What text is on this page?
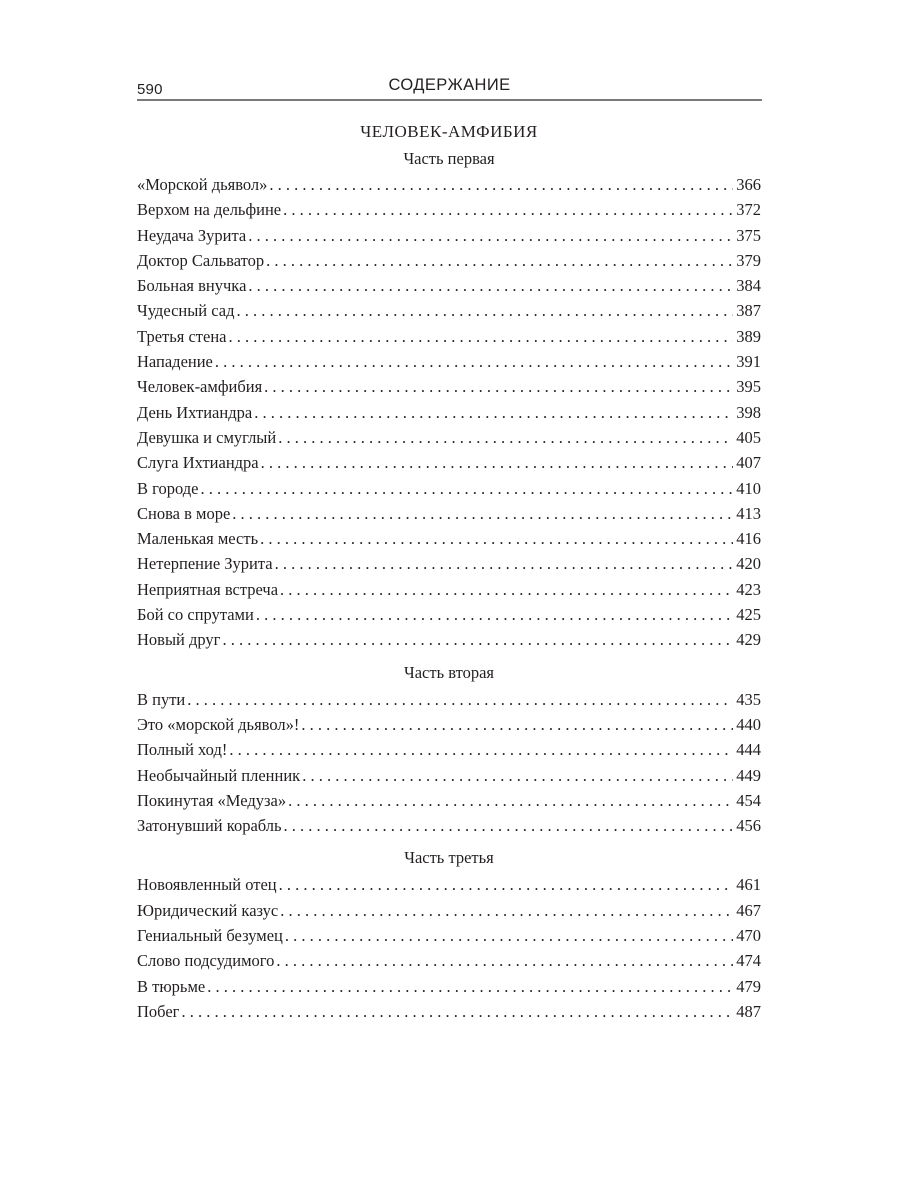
590	СОДЕРЖАНИЕ
ЧЕЛОВЕК-АМФИБИЯ
Часть первая
«Морской дьявол» . . .	366
Верхом на дельфине . . .	372
Неудача Зурита . . .	375
Доктор Сальватор . . .	379
Больная внучка . . .	384
Чудесный сад . . .	387
Третья стена . . .	389
Нападение . . .	391
Человек-амфибия . . .	395
День Ихтиандра . . .	398
Девушка и смуглый . . .	405
Слуга Ихтиандра . . .	407
В городе . . .	410
Снова в море . . .	413
Маленькая месть . . .	416
Нетерпение Зурита . . .	420
Неприятная встреча . . .	423
Бой со спрутами . . .	425
Новый друг . . .	429
Часть вторая
В пути . . .	435
Это «морской дьявол»! . . .	440
Полный ход! . . .	444
Необычайный пленник . . .	449
Покинутая «Медуза» . . .	454
Затонувший корабль . . .	456
Часть третья
Новоявленный отец . . .	461
Юридический казус . . .	467
Гениальный безумец . . .	470
Слово подсудимого . . .	474
В тюрьме . . .	479
Побег . . .	487
